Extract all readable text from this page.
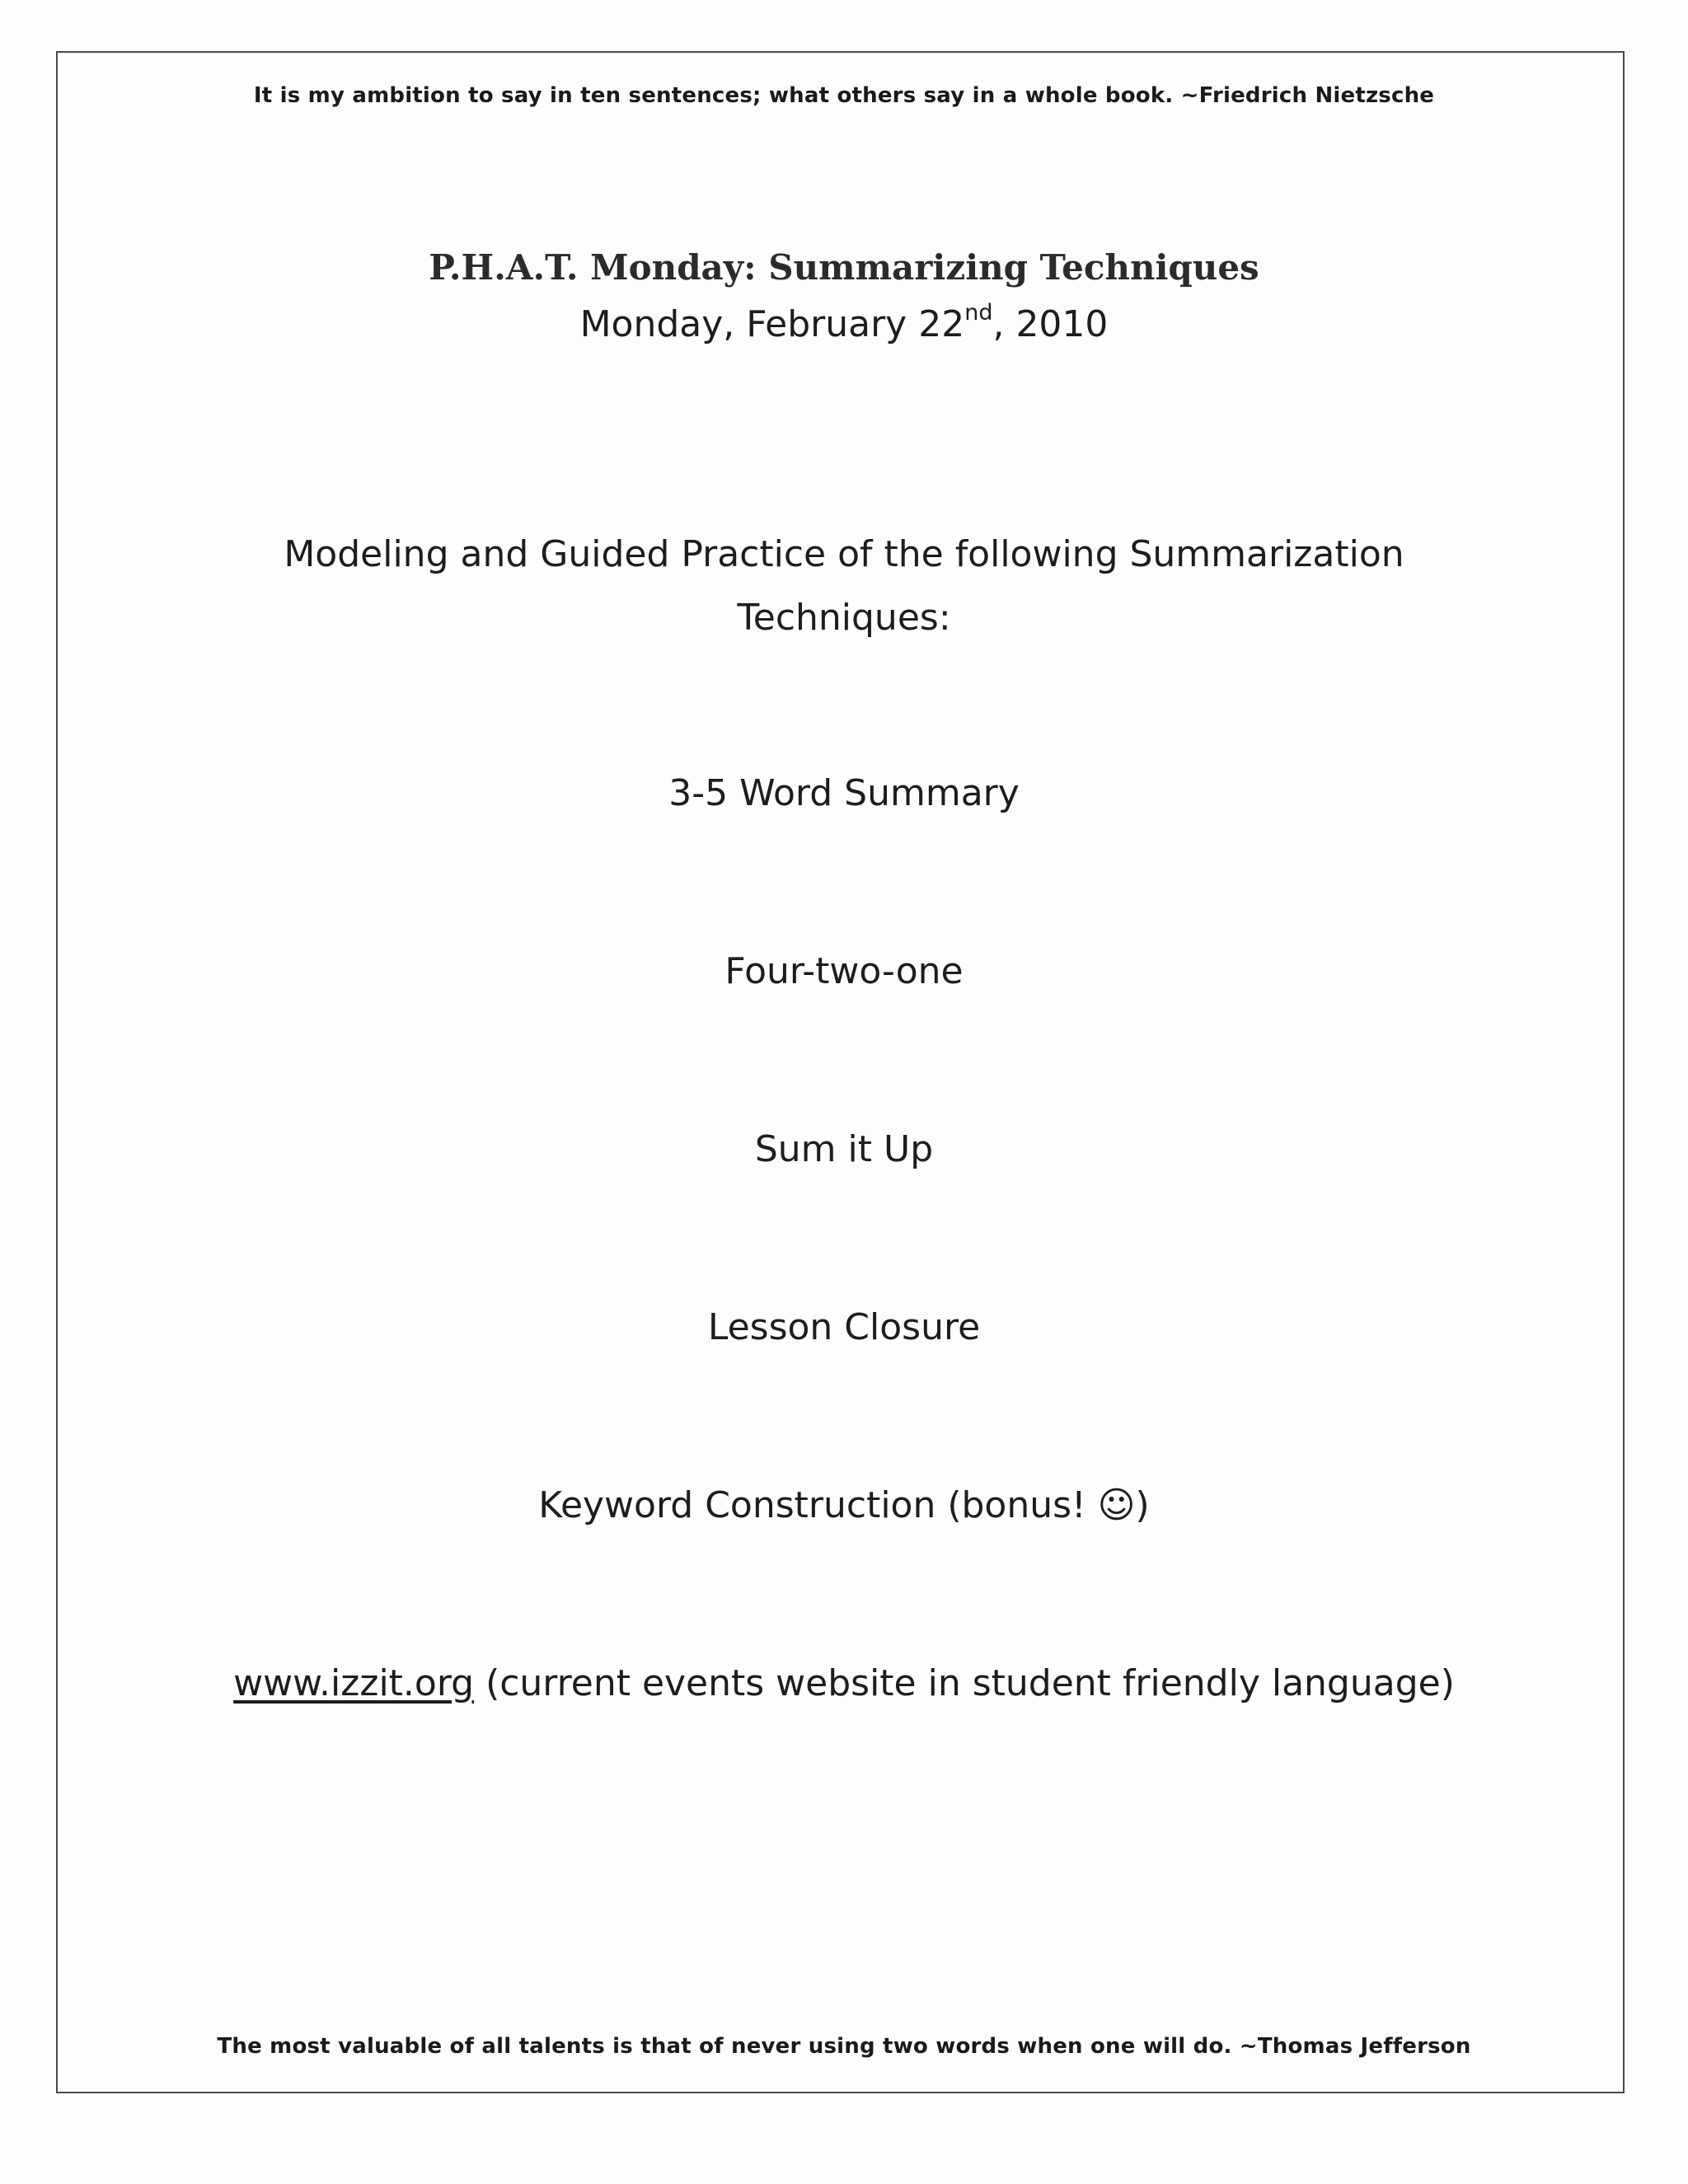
It is my ambition to say in ten sentences; what others say in a whole book. ~Friedrich Nietzsche
P.H.A.T. Monday: Summarizing Techniques
Monday, February 22nd, 2010
Modeling and Guided Practice of the following Summarization
Techniques:
3-5 Word Summary
Four-two-one
Sum it Up
Lesson Closure
Keyword Construction (bonus! ☺)
www.izzit.org (current events website in student friendly language)
The most valuable of all talents is that of never using two words when one will do. ~Thomas Jefferson
